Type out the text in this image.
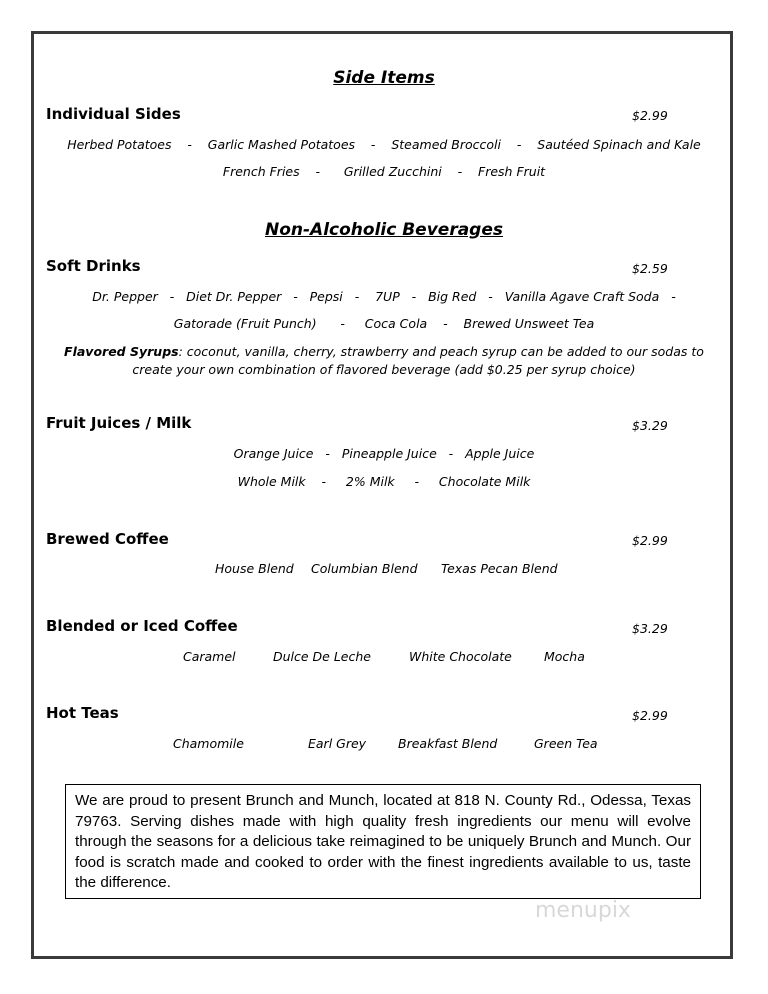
Side Items
Individual Sides	$2.99
Herbed Potatoes    -    Garlic Mashed Potatoes    -    Steamed Broccoli    -    Sautéed Spinach and Kale
French Fries    -      Grilled Zucchini    -    Fresh Fruit
Non-Alcoholic Beverages
Soft Drinks	$2.59
Dr. Pepper   -   Diet Dr. Pepper   -   Pepsi   -    7UP   -   Big Red   -   Vanilla Agave Craft Soda   -
Gatorade (Fruit Punch)      -     Coca Cola    -    Brewed Unsweet Tea
Flavored Syrups: coconut, vanilla, cherry, strawberry and peach syrup can be added to our sodas to create your own combination of flavored beverage (add $0.25 per syrup choice)
Fruit Juices / Milk	$3.29
Orange Juice   -   Pineapple Juice   -   Apple Juice
Whole Milk    -     2% Milk     -     Chocolate Milk
Brewed Coffee	$2.99
House Blend Columbian Blend Texas Pecan Blend
Blended or Iced Coffee	$3.29
Caramel	Dulce De Leche	White Chocolate	Mocha
Hot Teas	$2.99
Chamomile	Earl Grey	Breakfast Blend	Green Tea
We are proud to present Brunch and Munch, located at 818 N. County Rd., Odessa, Texas 79763. Serving dishes made with high quality fresh ingredients our menu will evolve through the seasons for a delicious take reimagined to be uniquely Brunch and Munch. Our food is scratch made and cooked to order with the finest ingredients available to us, taste the difference.
menupix
